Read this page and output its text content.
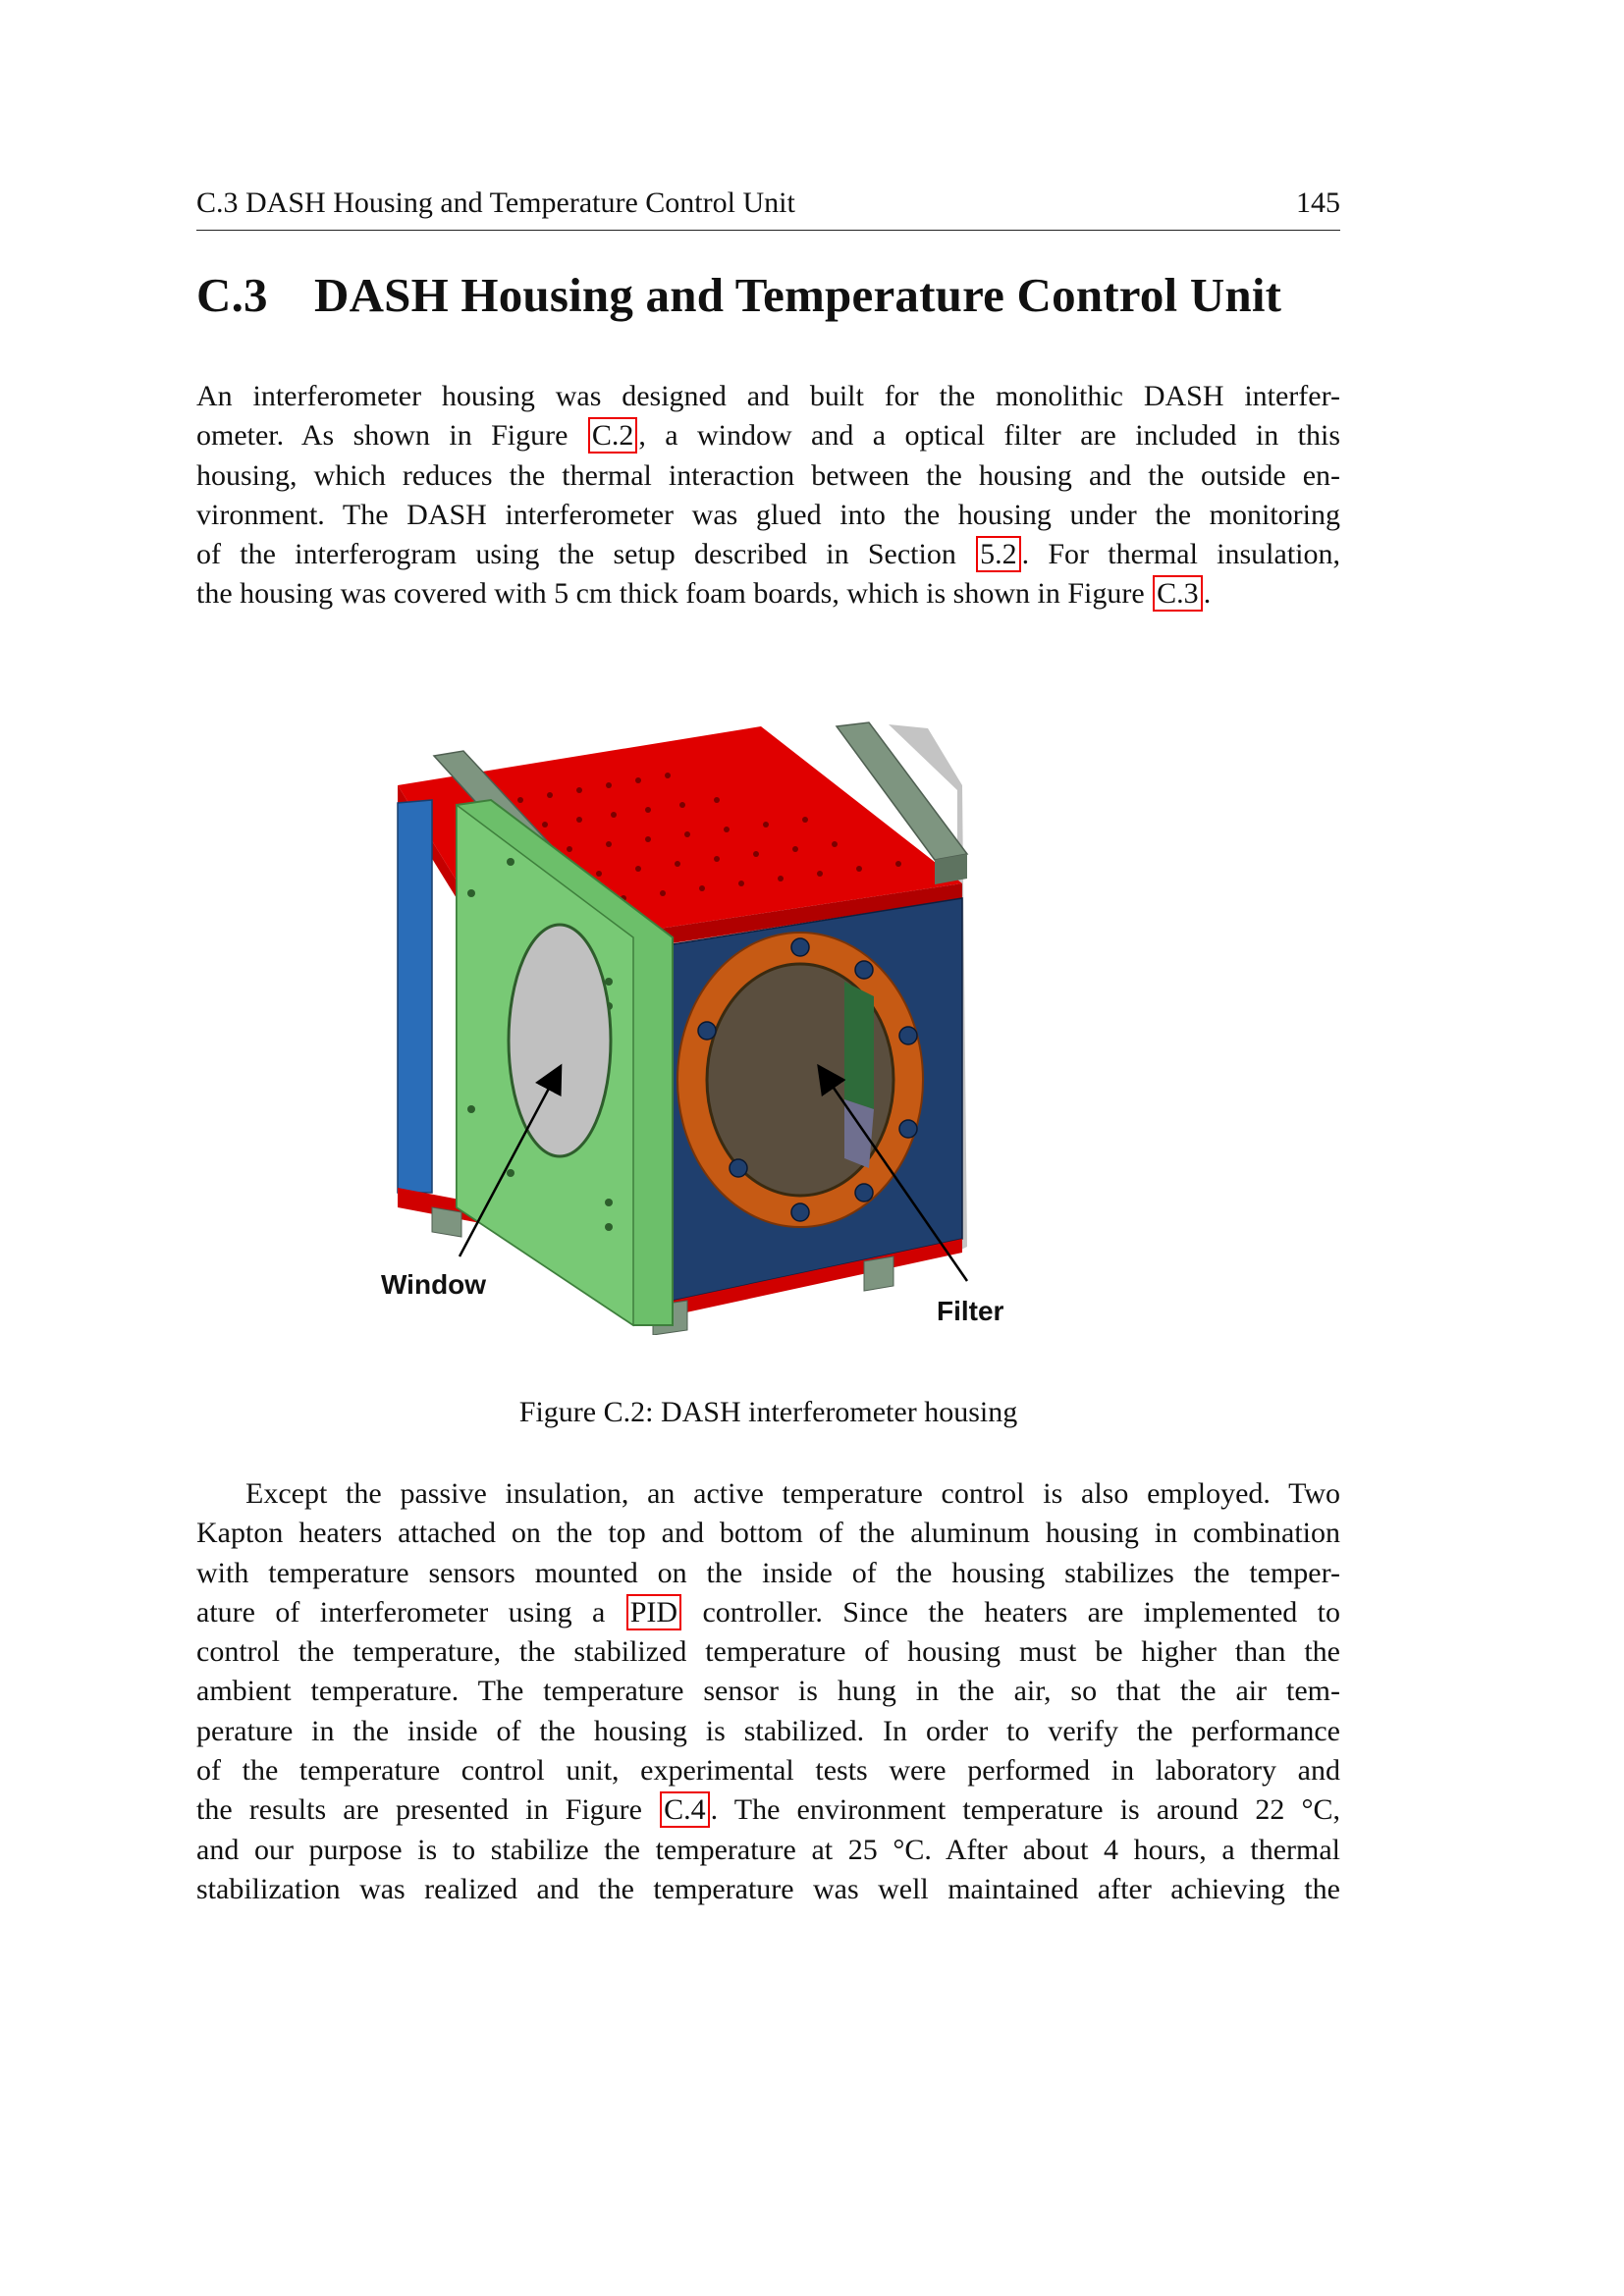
C.3 DASH Housing and Temperature Control Unit	145
C.3 DASH Housing and Temperature Control Unit
An interferometer housing was designed and built for the monolithic DASH interfer-
ometer. As shown in Figure C.2 , a window and a optical filter are included in this
housing, which reduces the thermal interaction between the housing and the outside en-
vironment. The DASH interferometer was glued into the housing under the monitoring
of the interferogram using the setup described in Section 5.2 . For thermal insulation,
the housing was covered with 5 cm thick foam boards, which is shown in Figure C.3 .
Window
Filter
Figure C.2: DASH interferometer housing
Except the passive insulation, an active temperature control is also employed. Two
Kapton heaters attached on the top and bottom of the aluminum housing in combination
with temperature sensors mounted on the inside of the housing stabilizes the temper-
ature of interferometer using a PID controller. Since the heaters are implemented to
control the temperature, the stabilized temperature of housing must be higher than the
ambient temperature. The temperature sensor is hung in the air, so that the air tem-
perature in the inside of the housing is stabilized. In order to verify the performance
of the temperature control unit, experimental tests were performed in laboratory and
the results are presented in Figure C.4 . The environment temperature is around 22 °C,
and our purpose is to stabilize the temperature at 25 °C. After about 4 hours, a thermal
stabilization was realized and the temperature was well maintained after achieving the
